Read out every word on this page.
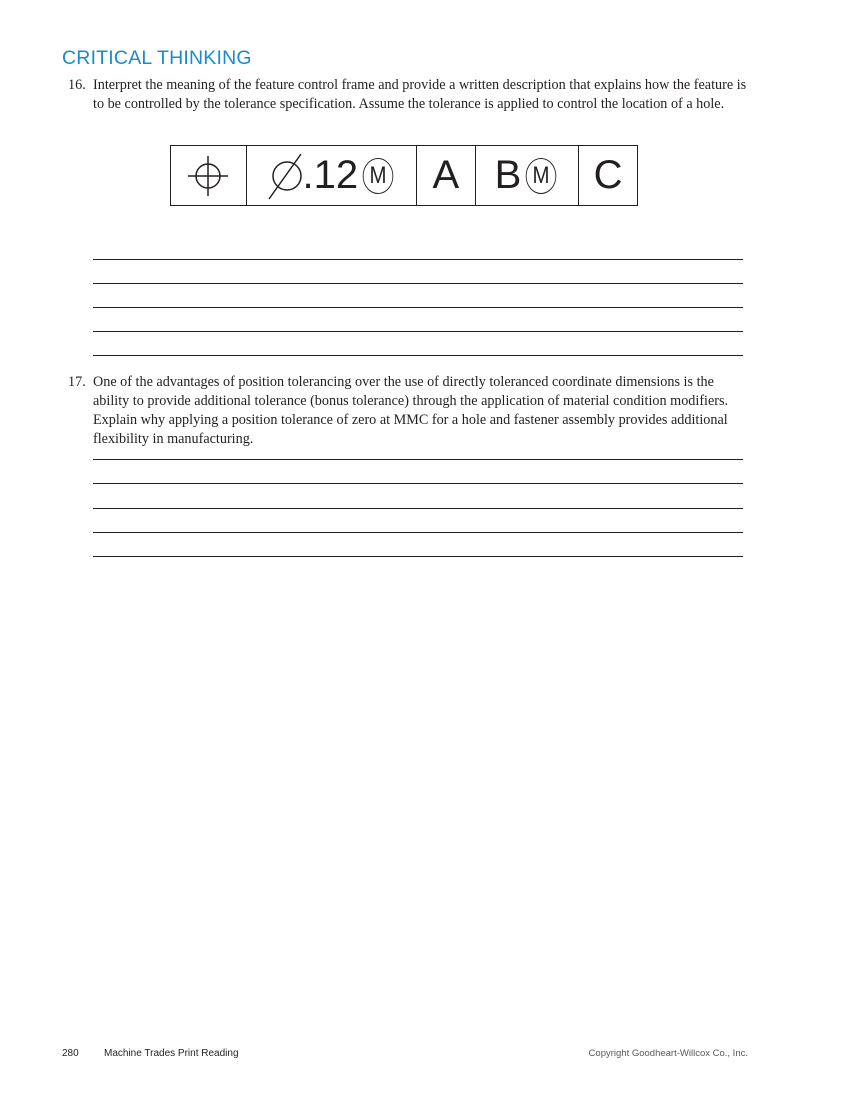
CRITICAL THINKING
16. Interpret the meaning of the feature control frame and provide a written description that explains how the feature is to be controlled by the tolerance specification. Assume the tolerance is applied to control the location of a hole.
.12 M A B M C
17. One of the advantages of position tolerancing over the use of directly toleranced coordinate dimensions is the ability to provide additional tolerance (bonus tolerance) through the application of material condition modifiers. Explain why applying a position tolerance of zero at MMC for a hole and fastener assembly provides additional flexibility in manufacturing.
280	Machine Trades Print Reading	Copyright Goodheart-Willcox Co., Inc.
